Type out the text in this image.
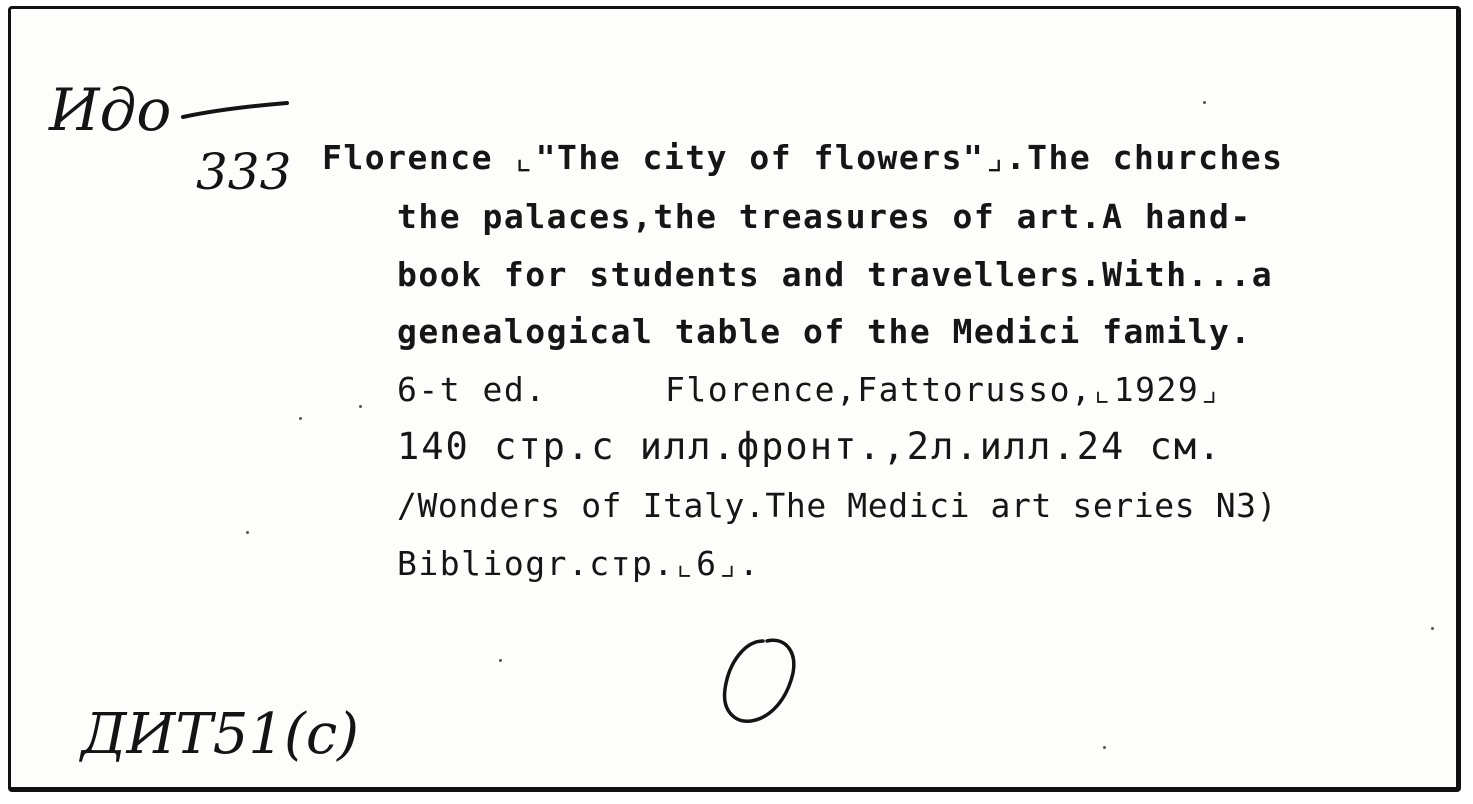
Идо
333 Florence ⌞"The city of flowers"⌟.The churches
the palaces,the treasures of art.A hand-
book for students and travellers.With...a
genealogical table of the Medici family.
6-t ed.	Florence,Fattorusso,⌞1929⌟
140 стр.с илл.фронт.,2л.илл.24 см.
/Wonders of Italy.The Medici art series N3)
Bibliogr.стр.⌞6⌟.
ДИТ51(с)
